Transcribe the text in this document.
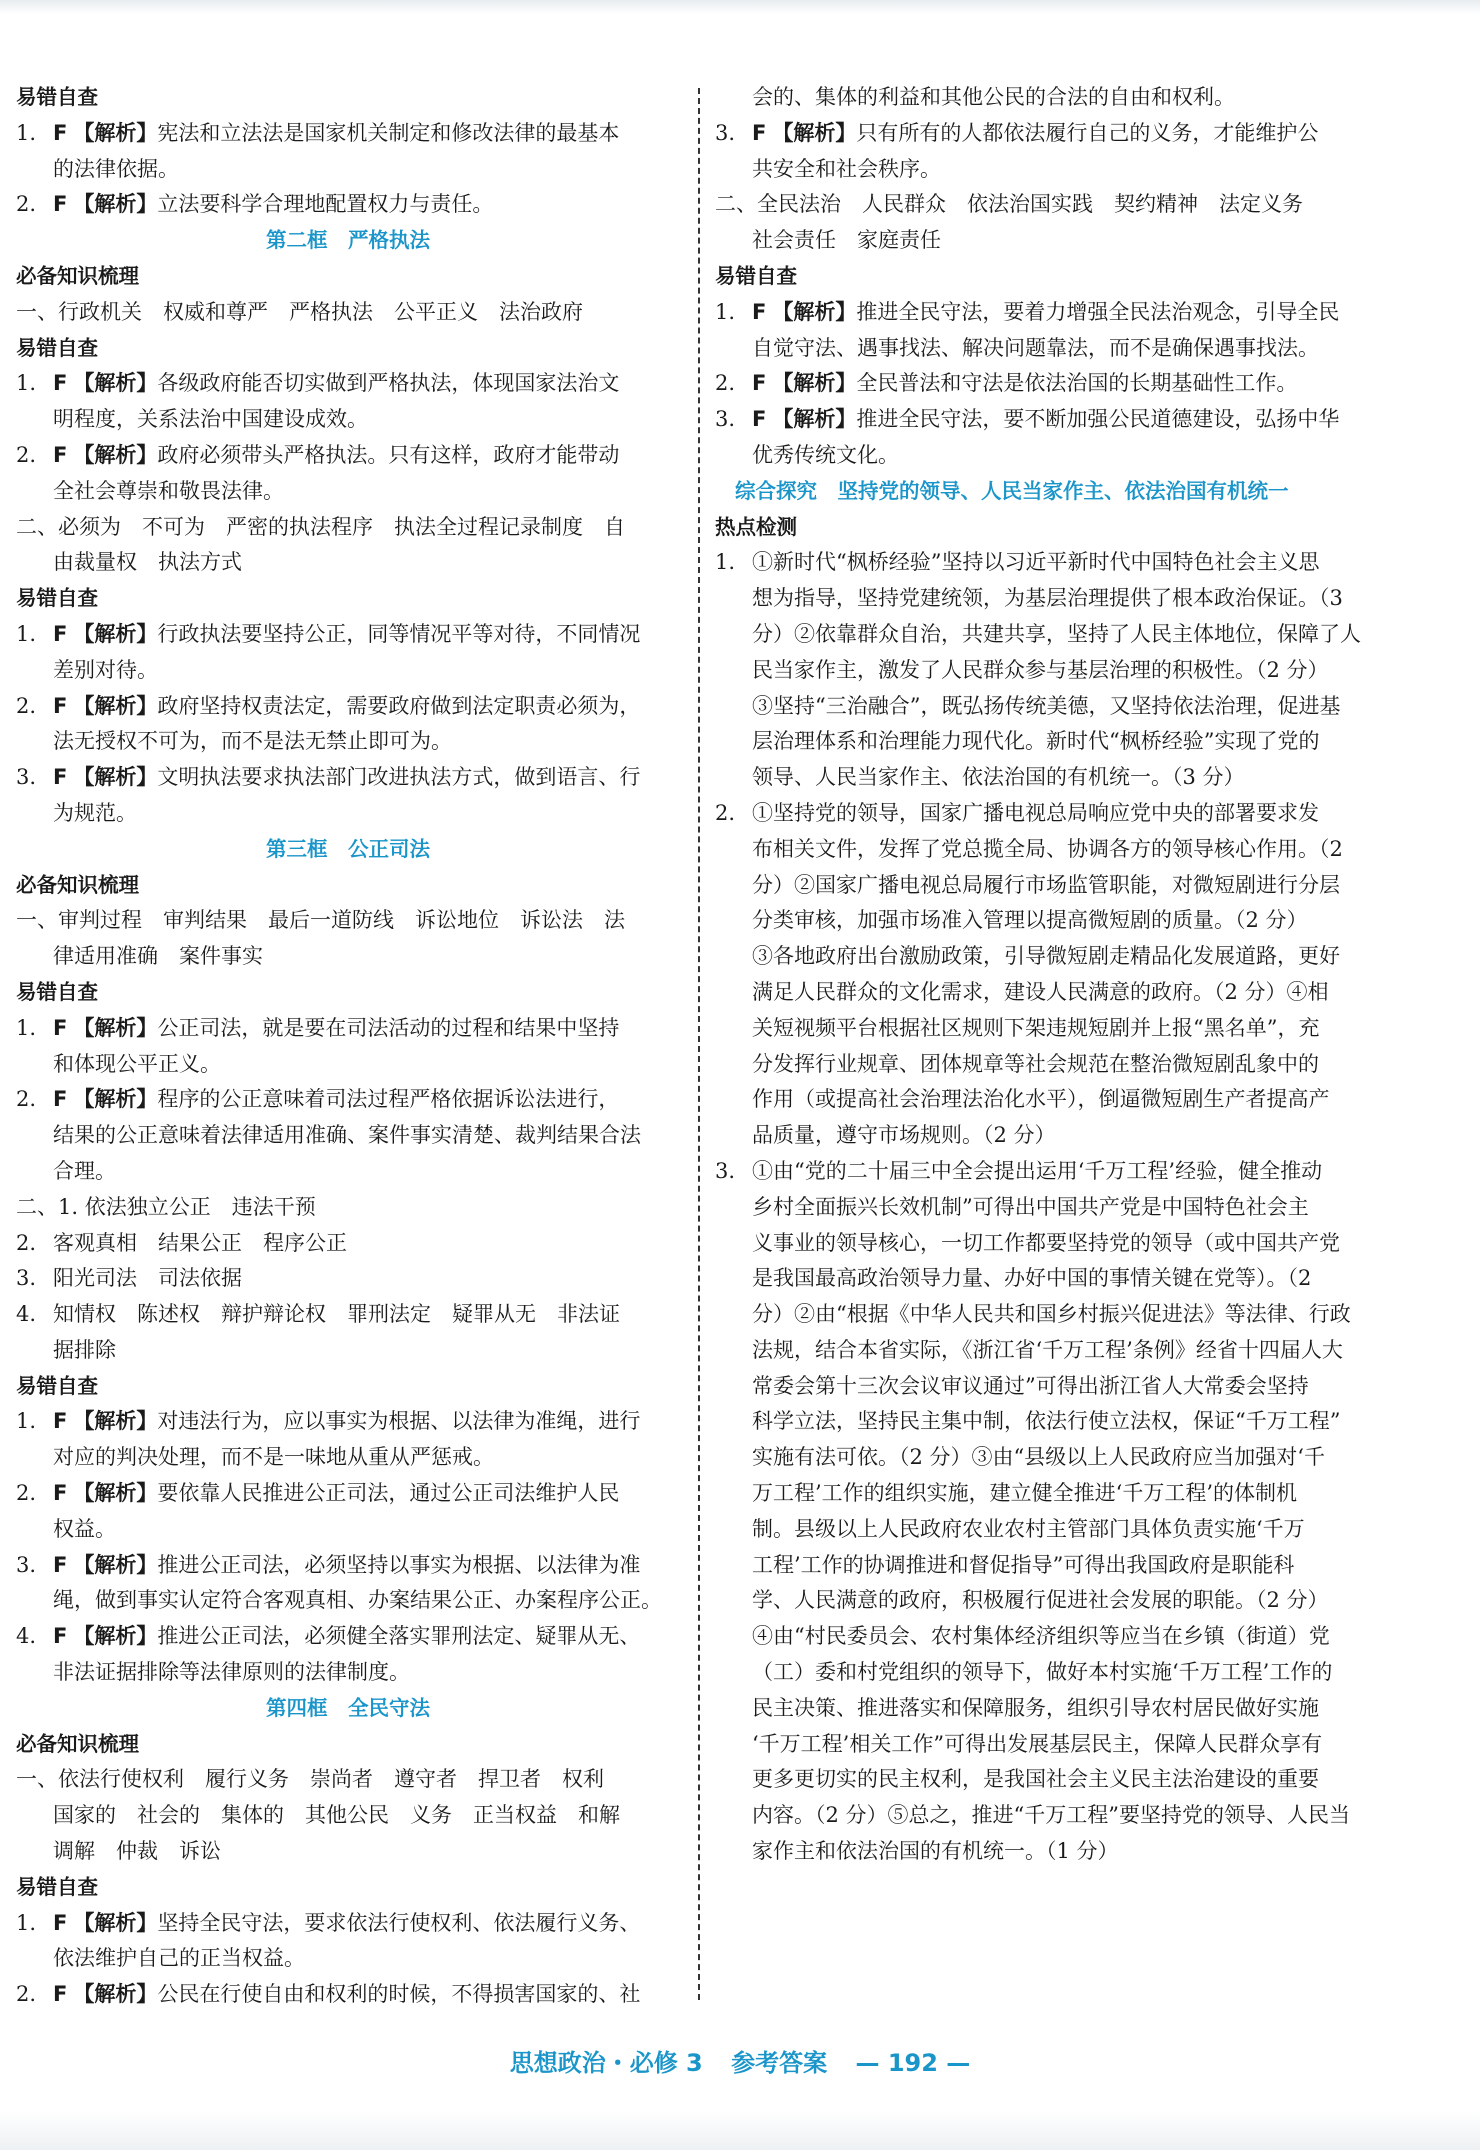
易错自查
1. F 【解析】宪法和立法法是国家机关制定和修改法律的最基本
的法律依据。
2. F 【解析】立法要科学合理地配置权力与责任。
第二框　严格执法
必备知识梳理
一、行政机关　权威和尊严　严格执法　公平正义　法治政府
易错自查
1. F 【解析】各级政府能否切实做到严格执法，体现国家法治文
明程度，关系法治中国建设成效。
2. F 【解析】政府必须带头严格执法。只有这样，政府才能带动
全社会尊崇和敬畏法律。
二、必须为　不可为　严密的执法程序　执法全过程记录制度　自
由裁量权　执法方式
易错自查
1. F 【解析】行政执法要坚持公正，同等情况平等对待，不同情况
差别对待。
2. F 【解析】政府坚持权责法定，需要政府做到法定职责必须为，
法无授权不可为，而不是法无禁止即可为。
3. F 【解析】文明执法要求执法部门改进执法方式，做到语言、行
为规范。
第三框　公正司法
必备知识梳理
一、审判过程　审判结果　最后一道防线　诉讼地位　诉讼法　法
律适用准确　案件事实
易错自查
1. F 【解析】公正司法，就是要在司法活动的过程和结果中坚持
和体现公平正义。
2. F 【解析】程序的公正意味着司法过程严格依据诉讼法进行，
结果的公正意味着法律适用准确、案件事实清楚、裁判结果合法
合理。
二、1. 依法独立公正　违法干预
2. 客观真相　结果公正　程序公正
3. 阳光司法　司法依据
4. 知情权　陈述权　辩护辩论权　罪刑法定　疑罪从无　非法证
据排除
易错自查
1. F 【解析】对违法行为，应以事实为根据、以法律为准绳，进行
对应的判决处理，而不是一味地从重从严惩戒。
2. F 【解析】要依靠人民推进公正司法，通过公正司法维护人民
权益。
3. F 【解析】推进公正司法，必须坚持以事实为根据、以法律为准
绳，做到事实认定符合客观真相、办案结果公正、办案程序公正。
4. F 【解析】推进公正司法，必须健全落实罪刑法定、疑罪从无、
非法证据排除等法律原则的法律制度。
第四框　全民守法
必备知识梳理
一、依法行使权利　履行义务　崇尚者　遵守者　捍卫者　权利
国家的　社会的　集体的　其他公民　义务　正当权益　和解
调解　仲裁　诉讼
易错自查
1. F 【解析】坚持全民守法，要求依法行使权利、依法履行义务、
依法维护自己的正当权益。
2. F 【解析】公民在行使自由和权利的时候，不得损害国家的、社
会的、集体的利益和其他公民的合法的自由和权利。
3. F 【解析】只有所有的人都依法履行自己的义务，才能维护公
共安全和社会秩序。
二、全民法治　人民群众　依法治国实践　契约精神　法定义务
社会责任　家庭责任
易错自查
1. F 【解析】推进全民守法，要着力增强全民法治观念，引导全民
自觉守法、遇事找法、解决问题靠法，而不是确保遇事找法。
2. F 【解析】全民普法和守法是依法治国的长期基础性工作。
3. F 【解析】推进全民守法，要不断加强公民道德建设，弘扬中华
优秀传统文化。
综合探究　坚持党的领导、人民当家作主、依法治国有机统一
热点检测
1. ①新时代“枫桥经验”坚持以习近平新时代中国特色社会主义思
想为指导，坚持党建统领，为基层治理提供了根本政治保证。（3
分）②依靠群众自治，共建共享，坚持了人民主体地位，保障了人
民当家作主，激发了人民群众参与基层治理的积极性。（2 分）
③坚持“三治融合”，既弘扬传统美德，又坚持依法治理，促进基
层治理体系和治理能力现代化。新时代“枫桥经验”实现了党的
领导、人民当家作主、依法治国的有机统一。（3 分）
2. ①坚持党的领导，国家广播电视总局响应党中央的部署要求发
布相关文件，发挥了党总揽全局、协调各方的领导核心作用。（2
分）②国家广播电视总局履行市场监管职能，对微短剧进行分层
分类审核，加强市场准入管理以提高微短剧的质量。（2 分）
③各地政府出台激励政策，引导微短剧走精品化发展道路，更好
满足人民群众的文化需求，建设人民满意的政府。（2 分）④相
关短视频平台根据社区规则下架违规短剧并上报“黑名单”，充
分发挥行业规章、团体规章等社会规范在整治微短剧乱象中的
作用（或提高社会治理法治化水平），倒逼微短剧生产者提高产
品质量，遵守市场规则。（2 分）
3. ①由“党的二十届三中全会提出运用‘千万工程’经验，健全推动
乡村全面振兴长效机制”可得出中国共产党是中国特色社会主
义事业的领导核心，一切工作都要坚持党的领导（或中国共产党
是我国最高政治领导力量、办好中国的事情关键在党等）。（2
分）②由“根据《中华人民共和国乡村振兴促进法》等法律、行政
法规，结合本省实际，《浙江省‘千万工程’条例》经省十四届人大
常委会第十三次会议审议通过”可得出浙江省人大常委会坚持
科学立法，坚持民主集中制，依法行使立法权，保证“千万工程”
实施有法可依。（2 分）③由“县级以上人民政府应当加强对‘千
万工程’工作的组织实施，建立健全推进‘千万工程’的体制机
制。县级以上人民政府农业农村主管部门具体负责实施‘千万
工程’工作的协调推进和督促指导”可得出我国政府是职能科
学、人民满意的政府，积极履行促进社会发展的职能。（2 分）
④由“村民委员会、农村集体经济组织等应当在乡镇（街道）党
（工）委和村党组织的领导下，做好本村实施‘千万工程’工作的
民主决策、推进落实和保障服务，组织引导农村居民做好实施
‘千万工程’相关工作”可得出发展基层民主，保障人民群众享有
更多更切实的民主权利，是我国社会主义民主法治建设的重要
内容。（2 分）⑤总之，推进“千万工程”要坚持党的领导、人民当
家作主和依法治国的有机统一。（1 分）
思想政治・必修 3 参考答案 — 192 —
